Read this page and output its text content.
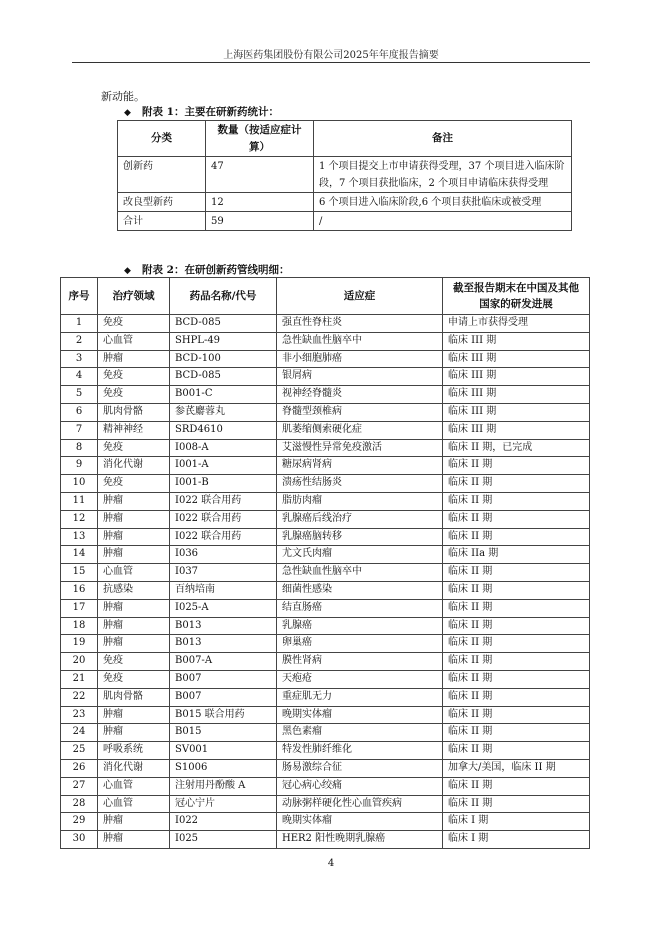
上海医药集团股份有限公司2025年年度报告摘要
新动能。
◆ 附表 1：主要在研新药统计：
分类	数量（按适应症计算）	备注
创新药	47	1 个项目提交上市申请获得受理，37 个项目进入临床阶段，7 个项目获批临床，2 个项目申请临床获得受理
改良型新药	12	6 个项目进入临床阶段,6 个项目获批临床或被受理
合计	59	/
◆ 附表 2：在研创新药管线明细：
序号	治疗领域	药品名称/代号	适应症	截至报告期末在中国及其他国家的研发进展
1	免疫	BCD-085	强直性脊柱炎	申请上市获得受理
2	心血管	SHPL-49	急性缺血性脑卒中	临床 III 期
3	肿瘤	BCD-100	非小细胞肺癌	临床 III 期
4	免疫	BCD-085	银屑病	临床 III 期
5	免疫	B001-C	视神经脊髓炎	临床 III 期
6	肌肉骨骼	参芪麝蓉丸	脊髓型颈椎病	临床 III 期
7	精神神经	SRD4610	肌萎缩侧索硬化症	临床 III 期
8	免疫	I008-A	艾滋慢性异常免疫激活	临床 II 期，已完成
9	消化代谢	I001-A	糖尿病肾病	临床 II 期
10	免疫	I001-B	溃疡性结肠炎	临床 II 期
11	肿瘤	I022 联合用药	脂肪肉瘤	临床 II 期
12	肿瘤	I022 联合用药	乳腺癌后线治疗	临床 II 期
13	肿瘤	I022 联合用药	乳腺癌脑转移	临床 II 期
14	肿瘤	I036	尤文氏肉瘤	临床 IIa 期
15	心血管	I037	急性缺血性脑卒中	临床 II 期
16	抗感染	百纳培南	细菌性感染	临床 II 期
17	肿瘤	I025-A	结直肠癌	临床 II 期
18	肿瘤	B013	乳腺癌	临床 II 期
19	肿瘤	B013	卵巢癌	临床 II 期
20	免疫	B007-A	膜性肾病	临床 II 期
21	免疫	B007	天疱疮	临床 II 期
22	肌肉骨骼	B007	重症肌无力	临床 II 期
23	肿瘤	B015 联合用药	晚期实体瘤	临床 II 期
24	肿瘤	B015	黑色素瘤	临床 II 期
25	呼吸系统	SV001	特发性肺纤维化	临床 II 期
26	消化代谢	S1006	肠易激综合征	加拿大/美国，临床 II 期
27	心血管	注射用丹酚酸 A	冠心病心绞痛	临床 II 期
28	心血管	冠心宁片	动脉粥样硬化性心血管疾病	临床 II 期
29	肿瘤	I022	晚期实体瘤	临床 I 期
30	肿瘤	I025	HER2 阳性晚期乳腺癌	临床 I 期
4
